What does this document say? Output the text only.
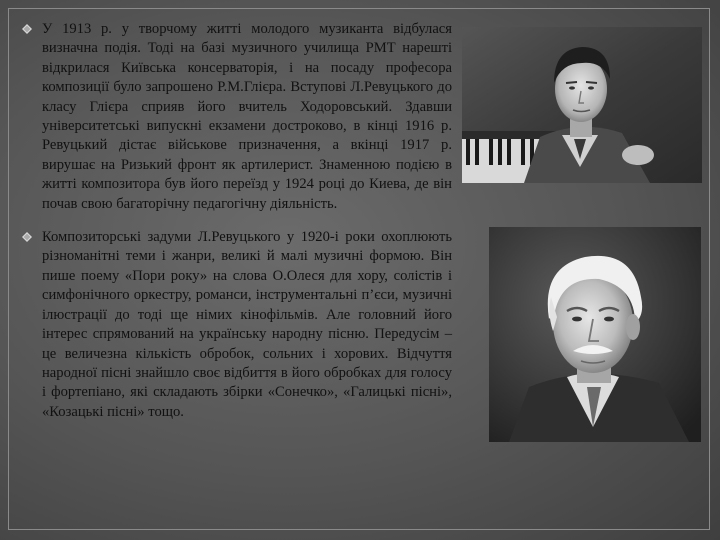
У 1913 р. у творчому житті молодого музиканта відбулася визначна подія. Тоді на базі музичного училища РМТ нарешті відкрилася Київська консерваторія, і на посаду професора композиції було запрошено Р.М.Глієра. Вступові Л.Ревуцького до класу Глієра сприяв його вчитель Ходоровський. Здавши університетські випускні екзамени достроково, в кінці 1916 р. Ревуцький дістає військове призначення, а вкінці 1917 р. вирушає на Ризький фронт як артилерист. Знаменною подією в житті композитора був його переїзд у 1924 році до Киева, де він почав свою багаторічну педагогічну діяльність.

Композиторські задуми Л.Ревуцького у 1920-і роки охоплюють різноманітні теми і жанри, великі й малі музичні формою. Він пише поему «Пори року» на слова О.Олеся для хору, солістів і симфонічного оркестру, романси, інструментальні п’єси, музичні ілюстрації до тоді ще німих кінофільмів. Але головний його інтерес спрямований на українську народну пісню. Передусім – це величезна кількість обробок, сольних і хорових. Відчуття народної пісні знайшло своє відбиття в його обробках для голосу і фортепіано, які складають збірки «Сонечко», «Галицькі пісні», «Козацькі пісні» тощо.
